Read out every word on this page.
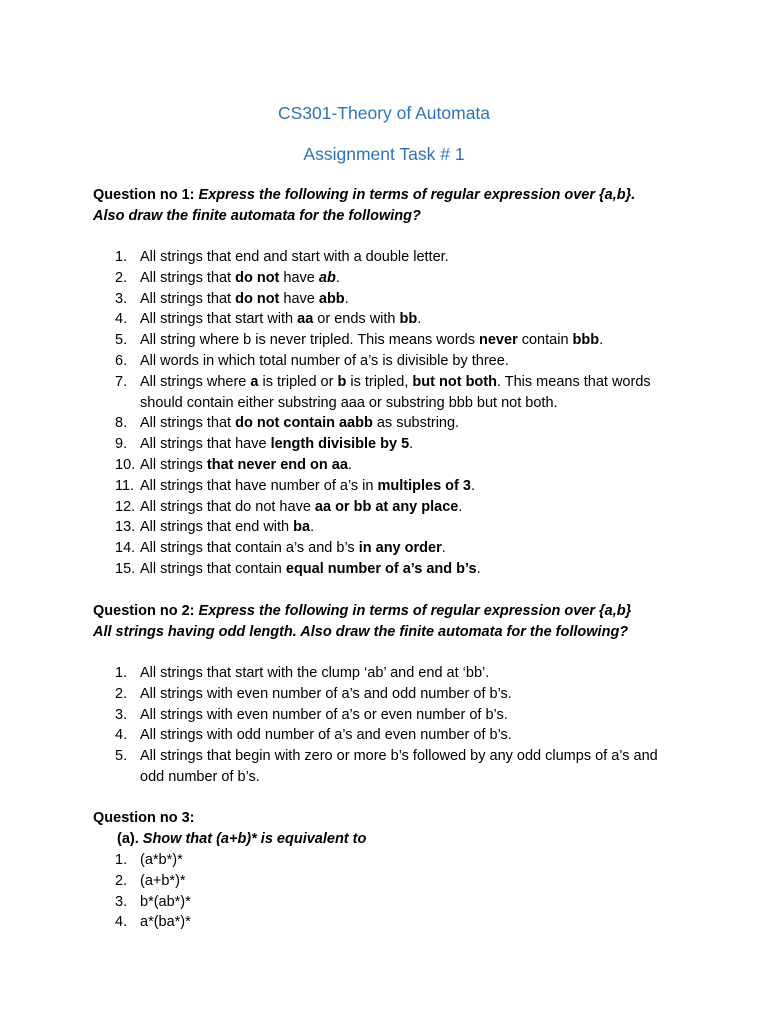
CS301-Theory of Automata
Assignment Task # 1
Question no 1: Express the following in terms of regular expression over {a,b}. Also draw the finite automata for the following?
1. All strings that end and start with a double letter.
2. All strings that do not have ab.
3. All strings that do not have abb.
4. All strings that start with aa or ends with bb.
5. All string where b is never tripled. This means words never contain bbb.
6. All words in which total number of a’s is divisible by three.
7. All strings where a is tripled or b is tripled, but not both. This means that words should contain either substring aaa or substring bbb but not both.
8. All strings that do not contain aabb as substring.
9. All strings that have length divisible by 5.
10. All strings that never end on aa.
11. All strings that have number of a’s in multiples of 3.
12. All strings that do not have aa or bb at any place.
13. All strings that end with ba.
14. All strings that contain a’s and b’s in any order.
15. All strings that contain equal number of a’s and b’s.
Question no 2: Express the following in terms of regular expression over {a,b} All strings having odd length. Also draw the finite automata for the following?
1. All strings that start with the clump ‘ab’ and end at ‘bb’.
2. All strings with even number of a’s and odd number of b’s.
3. All strings with even number of a’s or even number of b’s.
4. All strings with odd number of a’s and even number of b’s.
5. All strings that begin with zero or more b’s followed by any odd clumps of a’s and odd number of b’s.
Question no 3:
(a). Show that (a+b)* is equivalent to
1. (a*b*)*
2. (a+b*)*
3. b*(ab*)*
4. a*(ba*)*
